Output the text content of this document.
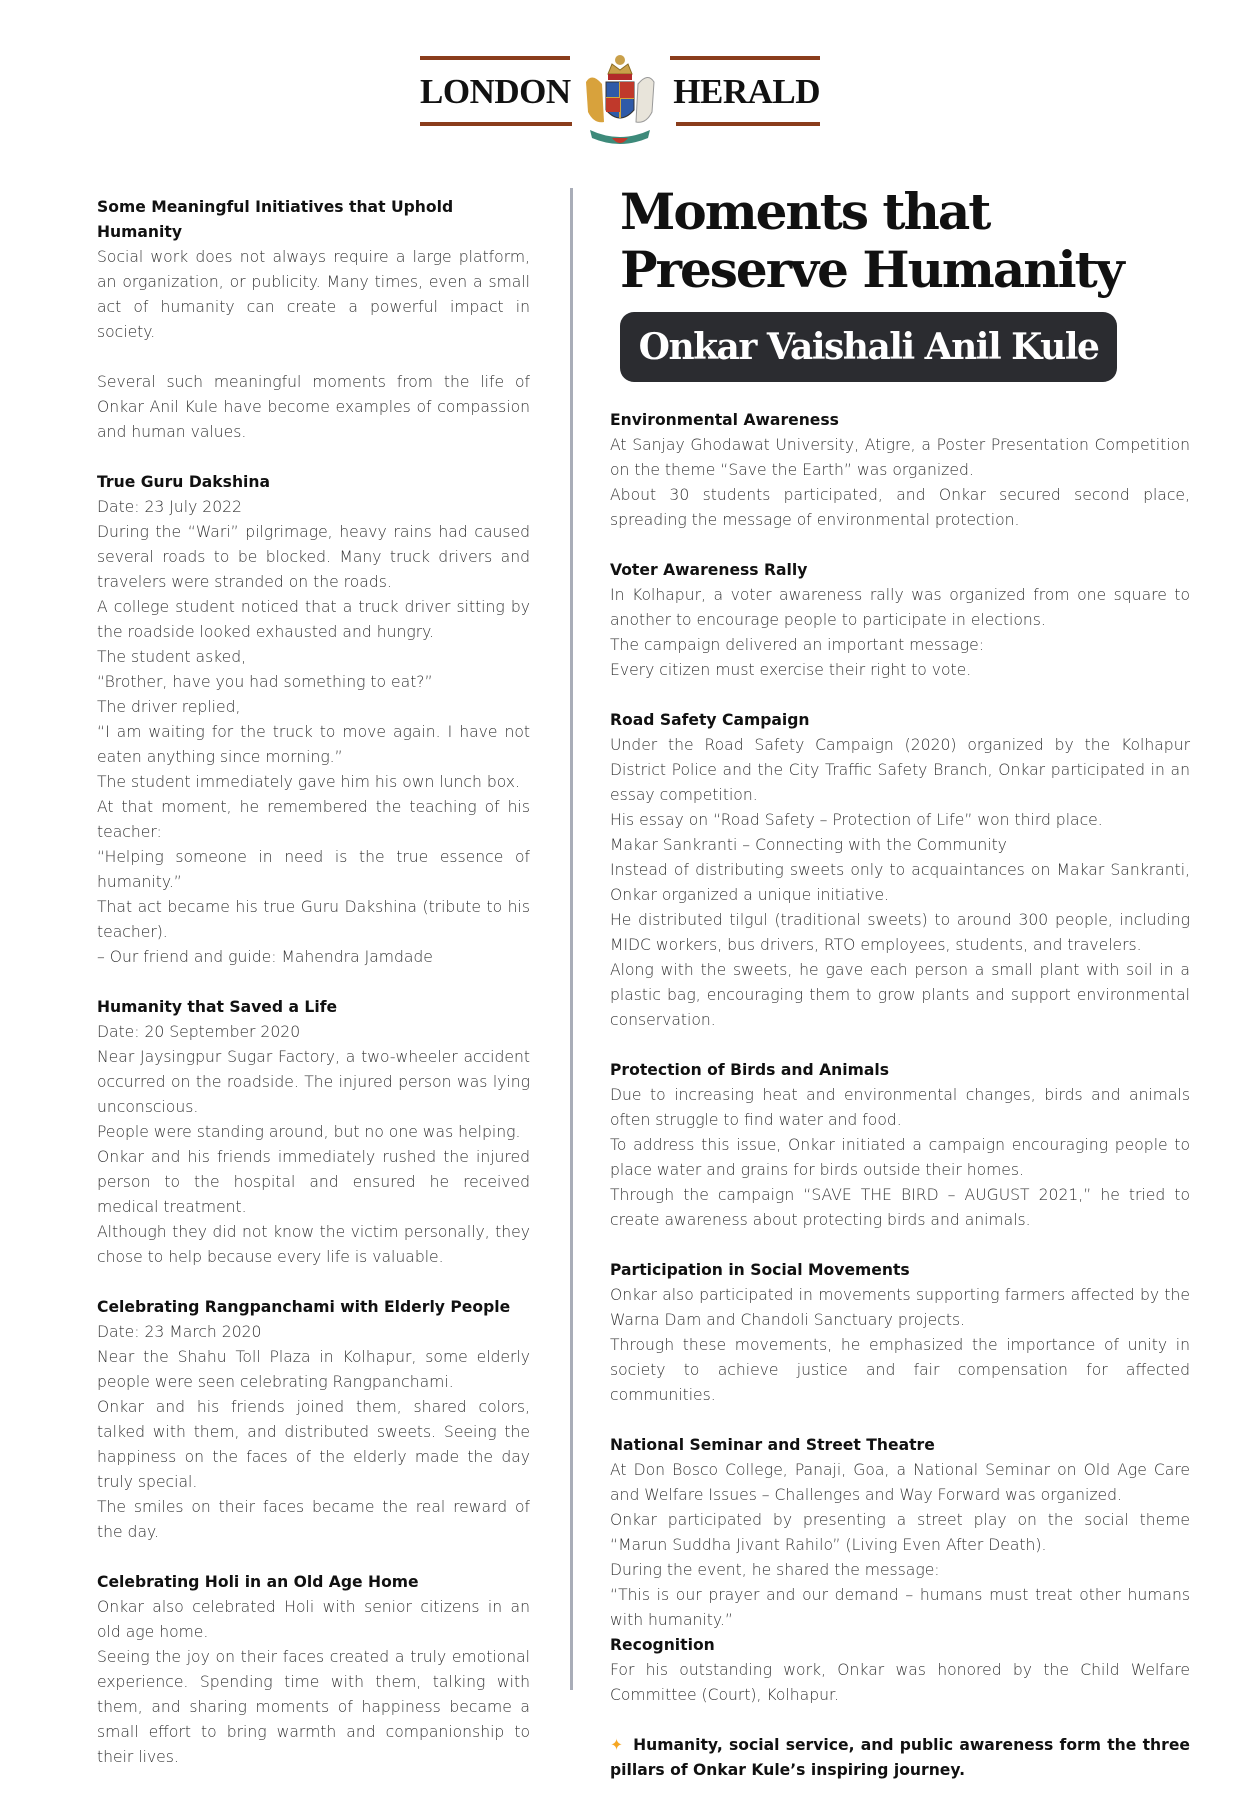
LONDON	HERALD
Some Meaningful Initiatives that Uphold Humanity
Social work does not always require a large platform, an organization, or publicity. Many times, even a small act of humanity can create a powerful impact in society.
Several such meaningful moments from the life of Onkar Anil Kule have become examples of compassion and human values.
True Guru Dakshina
Date: 23 July 2022
During the “Wari” pilgrimage, heavy rains had caused several roads to be blocked. Many truck drivers and travelers were stranded on the roads.
A college student noticed that a truck driver sitting by the roadside looked exhausted and hungry.
The student asked,
“Brother, have you had something to eat?”
The driver replied,
“I am waiting for the truck to move again. I have not eaten anything since morning.”
The student immediately gave him his own lunch box.
At that moment, he remembered the teaching of his teacher:
“Helping someone in need is the true essence of humanity.”
That act became his true Guru Dakshina (tribute to his teacher).
– Our friend and guide: Mahendra Jamdade
Humanity that Saved a Life
Date: 20 September 2020
Near Jaysingpur Sugar Factory, a two-wheeler accident occurred on the roadside. The injured person was lying unconscious.
People were standing around, but no one was helping.
Onkar and his friends immediately rushed the injured person to the hospital and ensured he received medical treatment.
Although they did not know the victim personally, they chose to help because every life is valuable.
Celebrating Rangpanchami with Elderly People
Date: 23 March 2020
Near the Shahu Toll Plaza in Kolhapur, some elderly people were seen celebrating Rangpanchami.
Onkar and his friends joined them, shared colors, talked with them, and distributed sweets. Seeing the happiness on the faces of the elderly made the day truly special.
The smiles on their faces became the real reward of the day.
Celebrating Holi in an Old Age Home
Onkar also celebrated Holi with senior citizens in an old age home.
Seeing the joy on their faces created a truly emotional experience. Spending time with them, talking with them, and sharing moments of happiness became a small effort to bring warmth and companionship to their lives.
Moments that Preserve Humanity
Onkar Vaishali Anil Kule
Environmental Awareness
At Sanjay Ghodawat University, Atigre, a Poster Presentation Competition on the theme “Save the Earth” was organized.
About 30 students participated, and Onkar secured second place, spreading the message of environmental protection.
Voter Awareness Rally
In Kolhapur, a voter awareness rally was organized from one square to another to encourage people to participate in elections.
The campaign delivered an important message:
Every citizen must exercise their right to vote.
Road Safety Campaign
Under the Road Safety Campaign (2020) organized by the Kolhapur District Police and the City Traffic Safety Branch, Onkar participated in an essay competition.
His essay on “Road Safety – Protection of Life” won third place.
Makar Sankranti – Connecting with the Community
Instead of distributing sweets only to acquaintances on Makar Sankranti, Onkar organized a unique initiative.
He distributed tilgul (traditional sweets) to around 300 people, including MIDC workers, bus drivers, RTO employees, students, and travelers.
Along with the sweets, he gave each person a small plant with soil in a plastic bag, encouraging them to grow plants and support environmental conservation.
Protection of Birds and Animals
Due to increasing heat and environmental changes, birds and animals often struggle to find water and food.
To address this issue, Onkar initiated a campaign encouraging people to place water and grains for birds outside their homes.
Through the campaign “SAVE THE BIRD – AUGUST 2021,” he tried to create awareness about protecting birds and animals.
Participation in Social Movements
Onkar also participated in movements supporting farmers affected by the Warna Dam and Chandoli Sanctuary projects.
Through these movements, he emphasized the importance of unity in society to achieve justice and fair compensation for affected communities.
National Seminar and Street Theatre
At Don Bosco College, Panaji, Goa, a National Seminar on Old Age Care and Welfare Issues – Challenges and Way Forward was organized.
Onkar participated by presenting a street play on the social theme “Marun Suddha Jivant Rahilo” (Living Even After Death).
During the event, he shared the message:
“This is our prayer and our demand – humans must treat other humans with humanity.”
Recognition
For his outstanding work, Onkar was honored by the Child Welfare Committee (Court), Kolhapur.
✦ Humanity, social service, and public awareness form the three pillars of Onkar Kule’s inspiring journey.
